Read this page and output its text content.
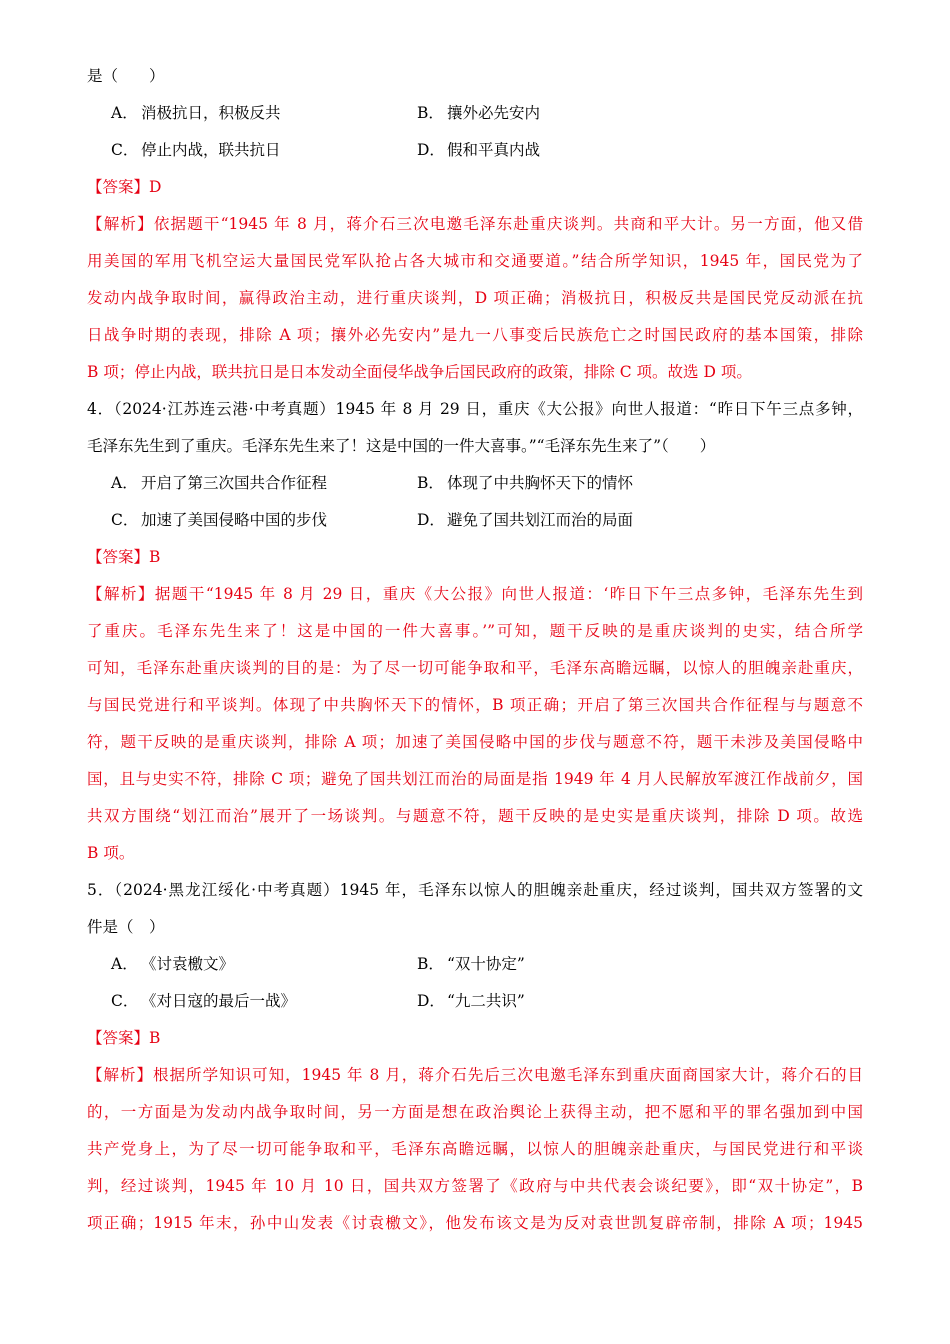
是（　　）
A． 消极抗日，积极反共	B． 攘外必先安内
C． 停止内战，联共抗日	D． 假和平真内战
【答案】D
【解析】依据题干“1945 年 8 月，蒋介石三次电邀毛泽东赴重庆谈判。共商和平大计。另一方面，他又借
用美国的军用飞机空运大量国民党军队抢占各大城市和交通要道。”结合所学知识，1945 年，国民党为了
发动内战争取时间，赢得政治主动，进行重庆谈判，D 项正确；消极抗日，积极反共是国民党反动派在抗
日战争时期的表现，排除 A 项；攘外必先安内”是九一八事变后民族危亡之时国民政府的基本国策，排除
B 项；停止内战，联共抗日是日本发动全面侵华战争后国民政府的政策，排除 C 项。故选 D 项。
4．（2024·江苏连云港·中考真题）1945 年 8 月 29 日，重庆《大公报》向世人报道：“昨日下午三点多钟，
毛泽东先生到了重庆。毛泽东先生来了！这是中国的一件大喜事。”“毛泽东先生来了”（　　）
A． 开启了第三次国共合作征程	B． 体现了中共胸怀天下的情怀
C． 加速了美国侵略中国的步伐	D． 避免了国共划江而治的局面
【答案】B
【解析】据题干“1945 年 8 月 29 日，重庆《大公报》向世人报道：‘昨日下午三点多钟，毛泽东先生到
了重庆。毛泽东先生来了！这是中国的一件大喜事。’”可知，题干反映的是重庆谈判的史实，结合所学
可知，毛泽东赴重庆谈判的目的是：为了尽一切可能争取和平，毛泽东高瞻远瞩，以惊人的胆魄亲赴重庆，
与国民党进行和平谈判。体现了中共胸怀天下的情怀，B 项正确；开启了第三次国共合作征程与与题意不
符，题干反映的是重庆谈判，排除 A 项；加速了美国侵略中国的步伐与题意不符，题干未涉及美国侵略中
国，且与史实不符，排除 C 项；避免了国共划江而治的局面是指 1949 年 4 月人民解放军渡江作战前夕，国
共双方围绕“划江而治”展开了一场谈判。与题意不符，题干反映的是史实是重庆谈判，排除 D 项。故选
B 项。
5．（2024·黑龙江绥化·中考真题）1945 年，毛泽东以惊人的胆魄亲赴重庆，经过谈判，国共双方签署的文
件是（　）
A． 《讨袁檄文》	B． “双十协定”
C． 《对日寇的最后一战》	D． “九二共识”
【答案】B
【解析】根据所学知识可知，1945 年 8 月，蒋介石先后三次电邀毛泽东到重庆面商国家大计，蒋介石的目
的，一方面是为发动内战争取时间，另一方面是想在政治舆论上获得主动，把不愿和平的罪名强加到中国
共产党身上，为了尽一切可能争取和平，毛泽东高瞻远瞩，以惊人的胆魄亲赴重庆，与国民党进行和平谈
判，经过谈判，1945 年 10 月 10 日，国共双方签署了《政府与中共代表会谈纪要》，即“双十协定”，B
项正确；1915 年末，孙中山发表《讨袁檄文》，他发布该文是为反对袁世凯复辟帝制，排除 A 项；1945
